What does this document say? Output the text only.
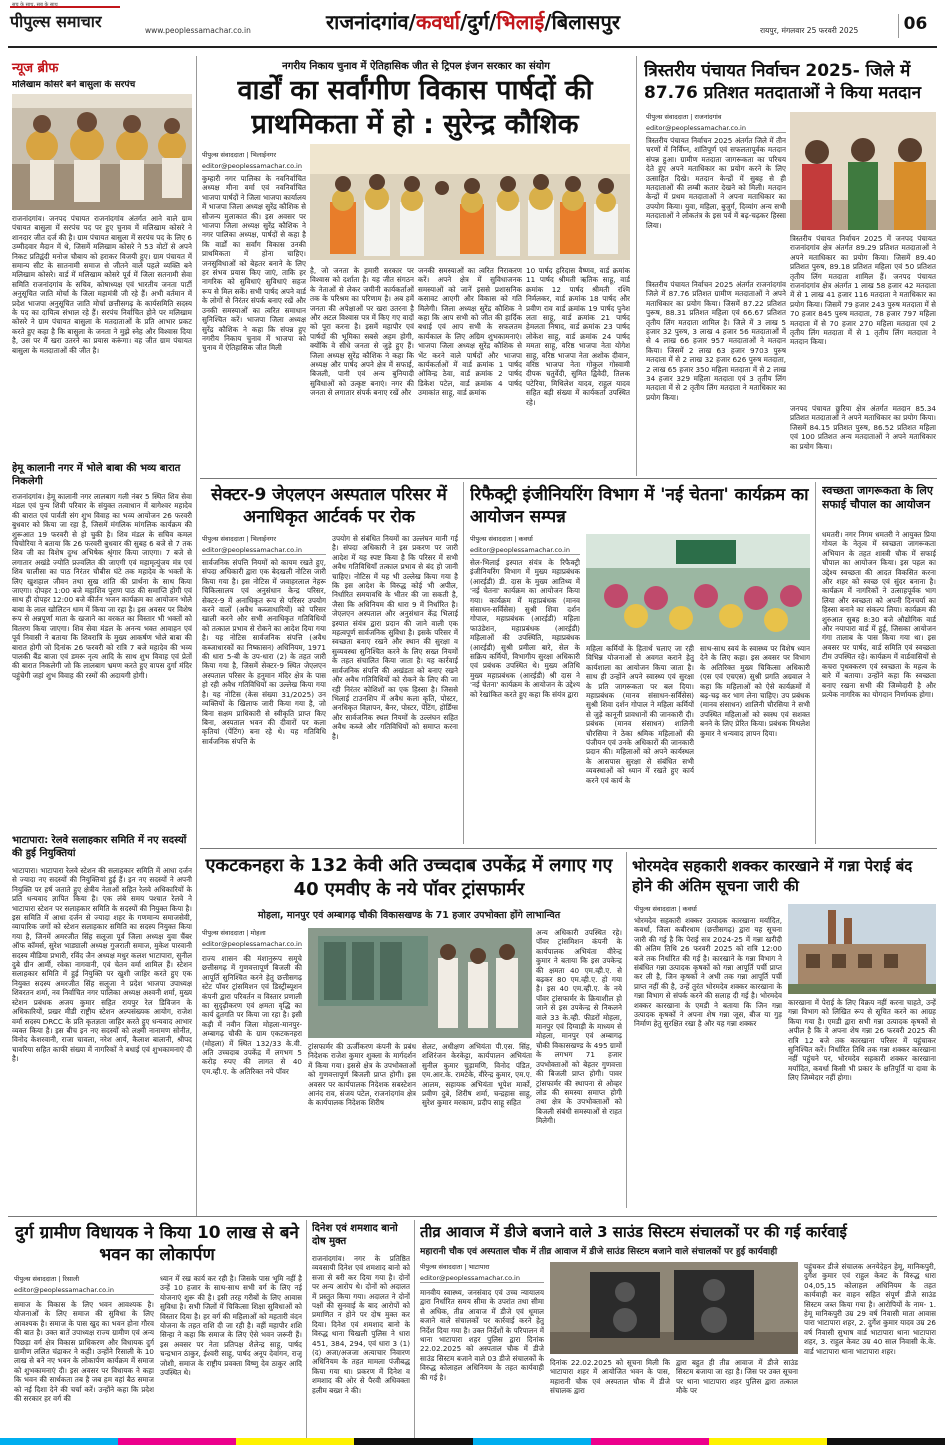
सच के साथ, सब के साथ
पीपुल्स समाचार	www.peoplessamachar.co.in	राजनांदगांव/कवर्धा/दुर्ग/भिलाई/बिलासपुर	रायपुर, मंगलवार 25 फरवरी 2025	06
न्यूज ब्रीफ
मलिखाम कोसरे बने बासुला के सरपंच
राजनांदगांव। जनपद पंचायत राजनांदगांव अंतर्गत आने वाले ग्राम पंचायत बासुला में सरपंच पद पर हुए चुनाव में मलिखाम कोसरे ने शानदार जीत दर्ज की है। ग्राम पंचायत बासुला में सरपंच पद के लिए 6 उम्मीदवार मैदान में थे, जिसमें मलिखाम कोसरे ने 53 वोटों से अपने निकट प्रतिद्वंदी मनोज चौबाय को हराकर विजयी हुए। ग्राम पंचायत में समान्य सीट के सातनामी समाज से जीतने वाले पहले व्यक्ति बने मलिखाम कोसरे। वार्ड में मलिखाम कोसरे पूर्व में जिला सतनामी सेवा समिति राजनांदगांव के सचिव, कोषाध्यक्ष एवं भारतीय जनता पार्टी अनुसूचित जाति मोर्चा के जिला महामंत्री जी रहे हैं। अभी वर्तमान में प्रदेश भाजपा अनुसूचित जाति मोर्चा छत्तीसगढ़ के कार्यसमिति सदस्य के पद का दायित्व संभाल रहे हैं। सरपंच निर्वाचित होने पर मलिखाम कोसरे ने ग्राम पंचायत बासुला के मतदाताओं के प्रति आभार प्रकट करते हुए कहा है कि बासुला के जनता ने मुझे स्नेह और विश्वास दिया है, उस पर मैं खरा उतरने का प्रयास करूंगा। वह जीत ग्राम पंचायत बासुला के मतदाताओं की जीत है।
हेमू कालानी नगर में भोले बाबा की भव्य बारात निकलेगी
राजनांदगांव। हेमू कालानी नगर लालबाग गली नंबर 5 स्थित शिव सेवा मंडल एवं पुन्य शिवी परिवार के संयुक्त तत्वाधान में बागेश्वर महादेव की बारात एवं पार्वती संग शुभ विवाह का भव्य आयोजन 26 फरवरी बुधवार को किया जा रहा है, जिसमें मंगलिक मांगलिक कार्यक्रम की शुरूआत 19 फरवरी से हो चुकी है। शिव मंडल के सचिव कमल चिचोरिया ने बताया कि 26 फरवरी बुधवार की सुबह 6 बजे से 7 तक शिव जी का विशेष दुग्ध अभिषेक श्रृंगार किया जाएगा। 7 बजे से लगातार अखंडे ज्योति प्रज्वलित की जाएगी एवं महामृत्युंजय मंत्र एवं शिव चालीसा का पाठ निरंतर चौबीस घंटे तक महादेव के भक्तों के लिए खुशहाल जीवन तथा सुख शांति की प्रार्थना के साथ किया जाएगा। दोपहर 1:00 बजे महाशिव पुराण पाठ की समाप्ति होगी एवं साथ ही दोपहर 12:00 बजे कीर्तन भजन कार्यक्रम का आयोजन भोले बाबा के लाल खोलिटन धाम में किया जा रहा है। इस अवसर पर विशेष रूप से अन्नपूर्णा माता के खजाने का वरकत का विस्तार भी भक्तों को वितरण किया जाएगा। शिव सेवा मंडल के अनन्य भक्त आवाहन एवं पूर्व निवासी ने बताया कि शिवरात्रि के मुख्य आकर्षण भोले बाबा की बारात होगी जो दिनांक 26 फरवरी को रात्रि 7 बजे महादेव की भव्य पालकी बैंड बाजा एवं डमरू नृत्य आदि के साथ शुभ विवाह एवं प्रेतों की बारात निकलेगी जो कि लालबाग भ्रमण करते हुए वापस दुर्गा मंदिर पहुंचेगी जहां शुभ विवाह की रस्मों की अदायगी होगी।
भाटापारा: रेलवे सलाहकार समिति में नए सदस्यों की हुई नियुक्तियां
भाटापारा। भाटापारा रेलवे स्टेशन की सलाहकार समिति में आधा दर्जन से ज्यादा नए सदस्यों की नियुक्तियां हुई हैं। इन नए सदस्यों ने अपनी नियुक्ति पर हर्ष जताते हुए क्षेत्रीय नेताओं सहित रेलवे अधिकारियों के प्रति धन्यवाद ज्ञापित किया है। एक लंबे समय पश्चात रेलवे ने भाटापारा स्टेशन पर सलाहकार समिति के सदस्यों की नियुक्त किया है। इस समिति में आधा दर्जन से ज्यादा शहर के गणमान्य समाजसेवी, व्यापारिक जगों को स्टेशन सलाहकार समिति का सदस्य नियुक्त किया गया है, जिनमें अमरजीत सिंह सलूजा पूर्व जिला अध्यक्ष युवा चैंबर ऑफ कॉमर्स, सुरेश भाड्याली अध्यक्ष गुजराती समाज, मुकेश पारवानी सदस्य मीडिया प्रभारी, रविंद जैन अध्यक्ष मधुर कलश भाटापारा, सुनील दुबे ग्रीन आर्मी, रवेका नागवानी, एवं चेतन वर्मा शामिल हैं। स्टेशन सलाहकार समिति में हुई नियुक्ति पर खुशी जाहिर करते हुए एक नियुक्त सदस्य अमरजीत सिंह सलूजा ने प्रदेश भाजपा उपाध्यक्ष शिवरतन शर्मा, नव निर्वाचित नगर पालिका अध्यक्ष अश्वनी शर्मा, मुख्य स्टेशन प्रबंधक अजय कुमार सहित रायपुर रेल डिविजन के अधिकारियों, प्रखर मीडी राष्ट्रीय स्टेशन अल्पसंख्यक आयोग, राजेश वर्मा सदस्य DRCC के प्रति कृतज्ञता जाहिर करते हुए धन्यवाद आभार व्यक्त किया है। इस बीच इन नए सदस्यों को लक्ष्मी नानामण सोनीत, विनोद केशरवानी, राजा चावला, नरेश आर्य, कैलाश बालानी, श्रीपद चावरिया सहित काफी संख्या में नागरिकों ने बधाई एवं शुभकामनाएं दी है।
नगरीय निकाय चुनाव में ऐतिहासिक जीत से ट्रिपल इंजन सरकार का संयोग
वार्डों का सर्वांगीण विकास पार्षदों की प्राथमिकता में हो : सुरेन्द्र कौशिक
पीपुल्स संवाददाता | भिलाईनगर
editor@peoplessamachar.co.in
कुम्हारी नगर पालिका के नवनिर्वाचित अध्यक्ष मीना वर्मा एवं नवनिर्वाचित भाजपा पार्षदों ने जिला भाजपा कार्यालय में भाजपा जिला अध्यक्ष सुरेंद्र कौशिक से सौजन्य मुलाकात की। इस अवसर पर भाजपा जिला अध्यक्ष सुरेंद्र कौशिक ने नगर पालिका अध्यक्ष, पार्षदों से कहा है कि वार्डों का सर्वांग विकास उनकी प्राथमिकता में होना चाहिए। जनसुविधाओं को बेहतर बनाने के लिए हर संभव प्रयास किए जाएं, ताकि हर नागरिक को सुविधाएं सुविधाएं सहज रूप से मिल सकें। सभी पार्षद अपने वार्ड के लोगों से निरंतर संपर्क बनाए रखें और उनकी समस्याओं का त्वरित समाधान सुनिश्चित करें। भाजपा जिला अध्यक्ष सुरेंद्र कौशिक ने कहा कि संपन्न हुए नगरीय निकाय चुनाव में भाजपा को चुनाव में ऐतिहासिक जीत मिली
है, जो जनता के हमारी सरकार पर विश्वास को दर्शाता है। यह जीत संगठन के नेताओं से लेकर जमीनी कार्यकर्ताओं तक के परिश्रम का परिणाम है। अब हमें जनता की अपेक्षाओं पर खरा उतरना है और अटल विश्वास पत्र में किए गए वादों को पूरा करना है। इसमें महापौर एवं पार्षदों की भूमिका सबसे अहम होगी, क्योंकि वे सीधे जनता से जुड़े हुए हैं। जिला अध्यक्ष सुरेंद्र कौशिक ने कहा कि अध्यक्ष और पार्षद अपने क्षेत्र में सफाई, बिजली, पानी एवं अन्य बुनियादी सुविधाओं को उत्कृष्ट बनाएं। नगर की जनता से लगातार संपर्क बनाए रखें और
जनकी समस्याओं का त्वरित निराकरण करें। अपने क्षेत्र में सुविधाजनक समस्याओं को जानें इससे प्रशासनिक कसावट आएगी और विकास को गति मिलेगी। जिला अध्यक्ष सुरेंद्र कौशिक ने कहा कि आप सभी को जीत की हार्दिक बधाई एवं आप सभी के सफलतम कार्यकाल के लिए अग्रिम शुभकामनाएं। भाजपा जिला अध्यक्ष सुरेंद्र कौशिक से भेंट करने वाले पार्षदों और भाजपा कार्यकर्ताओं में वार्ड क्रमांक 1 पार्षद ओविन्द्र ठेवा, वार्ड क्रमांक 2 पार्षद डिकेश पटेल, वार्ड क्रमांक 4 पार्षद उमाकांत साहू, वार्ड क्रमांक
10 पार्षद हरिदास वैष्णव, वार्ड क्रमांक 11 पार्षद श्रीमती ऋतिक साहू, वार्ड क्रमांक 12 पार्षद श्रीमती रश्मि निर्मलकर, वार्ड क्रमांक 18 पार्षद और प्रवीण राव वार्ड क्रमांक 19 पार्षद पुनेश लता साहू, वार्ड क्रमांक 21 पार्षद हेमलता निषाद, वार्ड क्रमांक 23 पार्षद लोकेश साहू, वार्ड क्रमांक 24 पार्षद ममता साहू, वरिष्ठ भाजपा नेता योगेश साहू, वरिष्ठ भाजपा नेता अशोक दीवान, वरिष्ठ भाजपा नेता गोकुल गोस्वामी दीपक चतुर्वेदी, सुमित द्विवेदी, तिलक पटेरिया, मिथिलेश यादव, राहुल यादव सहित बड़ी संख्या में कार्यकर्ता उपस्थित रहे।
त्रिस्तरीय पंचायत निर्वाचन 2025- जिले में 87.76 प्रतिशत मतदाताओं ने किया मतदान
पीपुल्स संवाददाता | राजनांदगांव
editor@peoplessamachar.co.in
त्रिस्तरीय पंचायत निर्वाचन 2025 अंतर्गत जिले में तीन चरणों में निर्विघ्न, शांतिपूर्ण एवं सफलतापूर्वक मतदान संपन्न हुआ। ग्रामीण मतदाता जागरूकता का परिचय देते हुए अपने मताधिकार का प्रयोग करने के लिए उत्साहित दिखे। मतदान केन्द्रों में सुबह से ही मतदाताओं की लम्बी कतार देखने को मिली। मतदान केन्द्रों में प्रथम मतदाताओं ने अपना मताधिकार का उपयोग किया। युवा, महिला, बुजुर्ग, दिव्यांग अन्य सभी मतदाताओं ने लोकतंत्र के इस पर्व में बढ़-चढ़कर हिस्सा लिया।
त्रिस्तरीय पंचायत निर्वाचन 2025 अंतर्गत राजनांदगांव जिले में 87.76 प्रतिशत ग्रामीण मतदाताओं ने अपने मताधिकार का प्रयोग किया। जिसमें 87.22 प्रतिशत पुरूष, 88.31 प्रतिशत महिला एवं 66.67 प्रतिशत तृतीय लिंग मतदाता शामिल है। जिले में 3 लाख 5 हजार 32 पुरुष, 3 लाख 4 हजार 56 मतदाताओं में से 4 लाख 66 हजार 957 मतदाताओं ने मतदान किया। जिसमें 2 लाख 63 हजार 9703 पुरुष मतदाता में से 2 लाख 32 हजार 626 पुरुष मतदाता, 2 लाख 65 हजार 350 महिला मतदाता में से 2 लाख 34 हजार 329 महिला मतदाता एवं 3 तृतीय लिंग मतदाता में से 2 तृतीय लिंग मतदाता ने मताधिकार का प्रयोग किया।
त्रिस्तरीय पंचायत निर्वाचन 2025 में जनपद पंचायत राजनांदगांव क्षेत्र अंतर्गत 89.29 प्रतिशत मतदाताओं ने अपने मताधिकार का प्रयोग किया। जिसमें 89.40 प्रतिशत पुरुष, 89.18 प्रतिशत महिला एवं 50 प्रतिशत तृतीय लिंग मतदाता शामिल हैं। जनपद पंचायत राजनांदगांव क्षेत्र अंतर्गत 1 लाख 58 हजार 42 मतदाता में से 1 लाख 41 हजार 116 मतदाता ने मताधिकार का प्रयोग किया। जिसमें 79 हजार 243 पुरुष मतदाता में से 70 हजार 845 पुरुष मतदाता, 78 हजार 797 महिला मतदाता में से 70 हजार 270 महिला मतदाता एवं 2 तृतीय लिंग मतदाता में से 1 तृतीय लिंग मतदाता ने मतदान किया।
जनपद पंचायत छुरिया क्षेत्र अंतर्गत मतदान 85.34 प्रतिशत मतदाताओं ने अपने मताधिकार का प्रयोग किया। जिसमें 84.15 प्रतिशत पुरुष, 86.52 प्रतिशत महिला एवं 100 प्रतिशत अन्य मतदाताओं ने अपने मताधिकार का प्रयोग किया।
सेक्टर-9 जेएलएन अस्पताल परिसर में अनाधिकृत आर्टवर्क पर रोक
पीपुल्स संवाददाता | भिलाईनगर
editor@peoplessamachar.co.in
सार्वजनिक संपत्ति नियमों को कायम रखते हुए, संपदा अधिकारी द्वारा एक बेदखली नोटिस जारी किया गया है। इस नोटिस में जवाहरलाल नेहरू चिकित्सालय एवं अनुसंधान केन्द्र परिसर, सेक्टर-9 में अनाधिकृत रूप से परिसर उपयोग करने वालों (अवैध कब्जाधारियों) को परिसर खाली करने और सभी अनाधिकृत गतिविधियों को तत्काल प्रभाव से रोकने का आदेश दिया गया है। यह नोटिस सार्वजनिक संपत्ति (अवैध कब्जाधारकों का निष्कासन) अधिनियम, 1971 की धारा 5-बी के उप-धारा (2) के तहत जारी किया गया है, जिसमें सेक्टर-9 स्थित जेएलएन अस्पताल परिसर के हनुमान मंदिर क्षेत्र के पास हो रही अवैध गतिविधियों का उल्लेख किया गया है। यह नोटिस (केस संख्या 31/2025) उन व्यक्तियों के खिलाफ जारी किया गया है, जो बिना सक्षम प्राधिकारी से स्वीकृति प्राप्त किए बिना, अस्पताल भवन की दीवारों पर कला कृतियां (पेंटिंग) बना रहे थे। यह गतिविधि सार्वजनिक संपत्ति के
उपयोग से संबंधित नियमों का उल्लंघन मानी गई है। संपदा अधिकारी ने इस प्रकरण पर जारी आदेश में यह स्पष्ट किया है कि परिसर में सभी अवैध गतिविधियाँ तत्काल प्रभाव से बंद हो जानी चाहिए। नोटिस में यह भी उल्लेख किया गया है कि इस आदेश के विरुद्ध कोई भी अपील, निर्धारित समयावधि के भीतर की जा सकती है, जैसा कि अधिनियम की धारा 9 में निर्धारित है। जेएलएन अस्पताल और अनुसंधान केंद्र भिलाई इस्पात संयंत्र द्वारा प्रदान की जाने वाली एक महत्वपूर्ण सार्वजनिक सुविधा है। इसके परिसर में स्वच्छता बनाए रखने और स्थान की सुरक्षा व सुव्यवस्था सुनिश्चित करने के लिए सख्त नियमों के तहत संचालित किया जाता है। यह कार्रवाई सार्वजनिक संपत्ति की अखंडता को बनाए रखने और अवैध गतिविधियों को रोकने के लिए की जा रही निरंतर कोशिशों का एक हिस्सा है। जिससे भिलाई टाउनशिप में अवैध कला कृति, पोस्टर, अनधिकृत विज्ञापन, बैनर, पोस्टर, पेंटिंग, होर्डिंग्स और सार्वजनिक स्थल नियमों के उल्लंघन सहित अवैध कब्जे और गतिविधियों को समाप्त करना है।
रिफैक्ट्री इंजीनियरिंग विभाग में 'नई चेतना' कार्यक्रम का आयोजन सम्पन्न
पीपुल्स संवाददाता | कवर्धा
editor@peoplessamachar.co.in
सेल-भिलाई इस्पात संयंत्र के रिफैक्ट्री इंजीनियरिंग विभाग में मुख्य महाप्रबंधक (आरईडी) डी. दास के मुख्य आतिथ्य में 'नई चेतना' कार्यक्रम का आयोजन किया गया। कार्यक्रम में महाप्रबंधक (मानव संसाधन-सर्विसेस) सुश्री शिवा दर्शन गोपाल, महाप्रबंधक (आरईडी) महिला फाउंडेशन, महाप्रबंधक (आरईडी) महिलाओं की उपस्थिति, महाप्रबंधक (आरईडी) सुश्री प्रमीला बारे, सेल के सक्रिय कर्मियों, विभागीय सुरक्षा अधिकारी एवं प्रबंधक उपस्थित थे। मुख्य अतिथि मुख्य महाप्रबंधक (आरईडी) श्री दास ने 'नई चेतना' कार्यक्रम के आयोजन के उद्देश्य को रेखांकित करते हुए कहा कि संयंत्र द्वारा
महिला कर्मियों के हितार्थ चलाए जा रही विभिन्न योजनाओं से अवगत कराने हेतु कार्यशाला का आयोजन किया जाता है। साथ ही उन्होंने अपने स्वास्थ्य एवं सुरक्षा के प्रति जागरूकता पर बल दिया। महाप्रबंधक (मानव संसाधन-सर्विसेस) सुश्री शिवा दर्शन गोपाल ने महिला कर्मियों से जुड़े कानूनी प्रावधानों की जानकारी दी। प्रबंधक (मानव संसाधन) शालिनी चौरसिया ने ठेका श्रमिक महिलाओं की पंजीयन एवं उनके अधिकारों की जानकारी प्रदान की। महिलाओं को अपने कार्यस्थल के आसपास सुरक्षा से संबंधित सभी व्यवस्थाओं को ध्यान में रखते हुए कार्य करने एवं कार्य के
साथ-साथ स्वयं के स्वास्थ्य पर विशेष ध्यान देने के लिए कहा। इस अवसर पर विभाग के अतिरिक्त मुख्य चिकित्सा अधिकारी (एस एवं एचएस) सुश्री प्रगति अग्रवाल ने कहा कि महिलाओं को ऐसे कार्यक्रमों में बढ़-चढ़ कर भाग लेना चाहिए। उप प्रबंधक (मानव संसाधन) शालिनी चौरसिया ने सभी उपस्थित महिलाओं को स्वस्थ एवं सशक्त बनने के लिए प्रेरित किया। प्रबंधक मिथलेश कुमार ने धन्यवाद ज्ञापन दिया।
स्वच्छता जागरूकता के लिए सफाई चौपाल का आयोजन
धमतरी। नगर निगम धमतरी ने आयुक्त प्रिया गोयल के नेतृत्व में स्वच्छता जागरूकता अभियान के तहत शास्त्री चौक में सफाई चौपाल का आयोजन किया। इस पहल का उद्देश्य स्वच्छता की आदत विकसित करना और शहर को स्वच्छ एवं सुंदर बनाना है। कार्यक्रम में नागरिकों ने उत्साहपूर्वक भाग लिया और स्वच्छता को अपनी दिनचर्या का हिस्सा बनाने का संकल्प लिया। कार्यक्रम की शुरुआत सुबह 8:30 बजे औद्योगिक वार्ड और नयापारा वार्ड में हुई, जिसका आयोजन गंगा तालाब के पास किया गया था। इस अवसर पर पार्षद, वार्ड समिति एवं स्वच्छता टीम उपस्थित रहे। कार्यक्रम में वार्डवासियों से कचरा पृथक्करण एवं स्वच्छता के महत्व के बारे में बताया। उन्होंने कहा कि स्वच्छता बनाए रखना सभी की जिम्मेदारी है और प्रत्येक नागरिक का योगदान निर्णायक होगा।
एकटकनहरा के 132 केवी अति उच्चदाब उपकेंद्र में लगाए गए 40 एमवीए के नये पॉवर ट्रांसफार्मर
मोहला, मानपुर एवं अम्बागढ़ चौकी विकासखण्ड के 71 हजार उपभोक्ता होंगे लाभान्वित
पीपुल्स संवाददाता | मोहला
editor@peoplessamachar.co.in
राज्य शासन की मंशानुरूप समूचे छत्तीसगढ़ में गुणवत्तापूर्ण बिजली की आपूर्ति सुनिश्चित करने हेतु छत्तीसगढ़ स्टेट पॉवर ट्रांसमिशन एवं डिस्ट्रीब्यूशन कंपनी द्वारा परिवर्तन व विस्तार प्रणाली का सुदृढ़ीकरण एवं क्षमता वृद्धि का कार्य द्रुतगति पर किया जा रहा है। इसी कड़ी में नवीन जिला मोहला-मानपुर-अम्बागढ़ चौकी के ग्राम एकटकनहरा (मोहला) में स्थित 132/33 के.वी. अति उच्चदाब उपकेंद्र में लगभग 5 करोड़ रुपए की लागत से 40 एम.व्ही.ए. के अतिरिक्त नये पॉवर
ट्रांसफार्मर की ऊर्जीकरण कंपनी के प्रबंध निदेशक राजेश कुमार शुक्ला के मार्गदर्शन में किया गया। इससे क्षेत्र के उपभोक्ताओं को गुणवत्तापूर्ण बिजली प्राप्त होगी। इस अवसर पर कार्यपालक निदेशक सबस्टेशन आनंद राव, संजय पटेल, राजनांदगांव क्षेत्र के कार्यपालक निदेशक शिरीष
सेलट, अधीक्षण अभियंता पी.एस. सिंह, शशिरंजन केरकेट्टा, कार्यपालन अभियंता सुनील कुमार चुड़ामणि, विनोद पंडित, एम.आर.के. रामटेके, वीरेन्द्र कुमार, एम.ए. आलम, सहायक अभियंता भूपेश मार्को, प्रवीण दुबे, शिरीष शर्मा, चन्द्रहास साहू, सुरेश कुमार मरकाम, प्रदीप साहू सहित
अन्य अधिकारी उपस्थित रहे। पॉवर ट्रांसमिशन कंपनी के कार्यपालक अभियंता वीरेन्द्र कुमार ने बताया कि इस उपकेन्द्र की क्षमता 40 एम.व्ही.ए. से बढ़कर 80 एम.व्ही.ए. हो गया है। इस 40 एम.व्ही.ए. के नये पॉवर ट्रांसफार्मर के क्रियाशील हो जाने से इस उपकेन्द्र से निकलने वाले 33 के.व्ही. फीडरों मोहला, मानपुर एवं दिग्वाड़ी के माध्यम से मोहला, मानपुर एवं अम्बागढ़ चौकी विकासखण्ड के 495 ग्रामों के लगभग 71 हजार उपभोक्ताओं को बेहतर गुणवत्ता की बिजली प्राप्त होगी। पावर ट्रांसफार्मर की स्थापना से ओव्हर लोड की समस्या समाप्त होगी तथा क्षेत्र के उपभोक्ताओं को बिजली संबंधी समस्याओं से राहत मिलेगी।
भोरमदेव सहकारी शक्कर कारखाने में गन्ना पेराई बंद होने की अंतिम सूचना जारी की
पीपुल्स संवाददाता | कवर्धा
भोरमदेव सहकारी शक्कर उत्पादक कारखाना मर्यादित, कवर्धा, जिला कबीरधाम (छत्तीसगढ़) द्वारा यह सूचना जारी की गई है कि पेराई सत्र 2024-25 में गन्ना खरीदी की अंतिम तिथि 26 फरवरी 2025 को रात्रि 12:00 बजे तक निर्धारित की गई है। कारखाने के गन्ना विभाग ने संबंधित गन्ना उत्पादक कृषकों को गन्ना आपूर्ति पर्ची प्राप्त कर ली है, जिन कृषकों ने अभी तक गन्ना आपूर्ति पर्ची प्राप्त नहीं की है, उन्हें तुरंत भोरमदेव शक्कर कारखाना के गन्ना विभाग से संपर्क करने की सलाह दी गई है। भोरमदेव शक्कर कारखाना के एमडी ने बताया कि जिन गन्ना उत्पादक कृषकों ने अपना शेष गन्ना जूस, बीज या गुड़ निर्माण हेतु सुरक्षित रखा है और यह गन्ना शक्कर
कारखाना में पेराई के लिए विक्रय नहीं करना चाहते, उन्हें गन्ना विभाग को लिखित रूप से सूचित करने का आग्रह किया गया है। एमडी द्वारा सभी गन्ना उत्पादक कृषकों से अपील है कि वे अपना शेष गन्ना 26 फरवरी 2025 की रात्रि 12 बजे तक कारखाना परिसर में पहुंचाकर सुनिश्चित करें। निर्धारित तिथि तक गन्ना शक्कर कारखाना नहीं पहुंचने पर, भोरमदेव सहकारी शक्कर कारखाना मर्यादित, कवर्धा किसी भी प्रकार के क्षतिपूर्ति या दावा के लिए जिम्मेदार नहीं होगा।
दुर्ग ग्रामीण विधायक ने किया 10 लाख से बने भवन का लोकार्पण
पीपुल्स संवाददाता | रिसाली
editor@peoplessamachar.co.in
समाज के विकास के लिए भवन आवश्यक है। योजनाओं के लिए समाज की सुविधा के लिए आवश्यक है। समाज के पास खुद का भवन होना गौरव की बात है। उक्त बातें उपाध्यक्ष राज्य ग्रामीण एवं अन्य पिछड़ा वर्ग क्षेत्र विकास प्राधिकरण और विधायक दुर्ग ग्रामीण ललित चंद्राकर ने कही। उन्होंने रिसाली के 10 लाख से बने नए भवन के लोकार्पण कार्यक्रम में समाज को शुभकामनाएं दी। इस अवसर पर विधायक ने कहा कि भवन की सार्थकता तब है जब हम वहां बैठ समाज को नई दिशा देने की चर्चा करें। उन्होंने कहा कि प्रदेश की सरकार हर वर्ग की
ध्यान में रख कार्य कर रही है। जिसके पास भूमि नहीं है उन्हें 10 हजार के साथ-साथ सभी वर्ग के लिए नई योजनाएं शुरू की है। इसी तरह गरीबों के लिए आवास सुविधा है। सभी जिलों में चिकित्सा शिक्षा सुविधाओं को विस्तार दिया है। हर वर्ग की महिलाओं को महतारी वंदन योजना के तहत राशि दी जा रही है। वहीं महापौर शशि सिन्हा ने कहा कि समाज के लिए ऐसे भवन जरूरी हैं। इस अवसर पर नेता प्रतिपक्ष शैलेन्द्र साहू, पार्षद चन्द्रभान ठाकुर, ईश्वरी साहू, पार्षद अनूप देवांगन, राजू जोशी, समाज के राष्ट्रीय प्रवक्ता विष्णु देव ठाकुर आदि उपस्थित थे।
दिनेश एवं शमशाद बानो दोष मुक्त
राजनांदगांव। नगर के प्रतिष्ठित व्यवसायी दिनेश एवं शमशाद बानो को सजा से बरी कर दिया गया है। दोनों पर अन्य आरोप थे। दोनों को अदालत में प्रस्तुत किया गया। अदालत ने दोनों पक्षों की सुनवाई के बाद आरोपों को प्रमाणित न होने पर दोष मुक्त कर दिया। दिनेश एवं शमशाद बानो के विरुद्ध थाना चिखली पुलिस ने धारा 451, 384, 294, एवं धारा 3 (1) (द) अजा/अजजा अत्याचार निवारण अधिनियम के तहत मामला पंजीबद्ध किया गया था। प्रकरण में दिनेश व शमशाद की ओर से पैरवी अधिवक्ता हलीम बख्श ने की।
तीव्र आवाज में डीजे बजाने वाले 3 साउंड सिस्टम संचालकों पर की गई कार्रवाई
महारानी चौक एवं अस्पताल चौक में तीव्र आवाज में डीजे साउंड सिस्टम बजाने वाले संचालकों पर हुई कार्यवाही
पीपुल्स संवाददाता | भाटापारा
editor@peoplessamachar.co.in
मानवीय स्वास्थ्य, जनसंवाद एवं उच्च न्यायालय द्वारा निर्धारित समय सीमा के उपरांत तथा सीमा से अधिक, तीव्र आवाज में डीजे एवं धूमाल बजाने वाले संचालकों पर कार्रवाई करने हेतु निर्देश दिया गया है। उक्त निर्देशों के परिपालन में थाना भाटापारा शहर पुलिस द्वारा दिनांक 22.02.2025 को अस्पताल चौक में डीजे साउंड सिस्टम बजाने वाले 03 डीजे संचालकों के विरुद्ध कोलाहल अधिनियम के तहत कार्यवाही की गई है।
दिनांक 22.02.2025 को सूचना मिली कि भाटापारा शहर में आयोजित भवन के पास, महारानी चौक एवं अस्पताल चौक में डीजे संचालक द्वारा
द्वारा बहुत ही तीव्र आवाज में डीजे साउंड सिस्टम बजाया जा रहा है। जिस पर उक्त सूचना पर थाना भाटापारा शहर पुलिस द्वारा तत्काल मौके पर
पहुंचकर डीजे संचालक अनयेदेहन हेमू, मानिकपुरी, दुर्गेश कुमार एवं राहुल केवट के विरुद्ध धारा 04,05,15 कोलाहल अधिनियम के तहत कार्यवाही कर वाहन सहित संपूर्ण डीजे साउंड सिस्टम जब्त किया गया है। आरोपियों के नाम- 1. हेमू मानिकपुरी उम्र 29 वर्ष निवासी माता आवास पारा भाटापारा शहर, 2. दुर्गेश कुमार यादव उम्र 26 वर्ष निवासी सुभाष वार्ड भाटापारा थाना भाटापारा शहर, 3. राहुल केवट उम्र 40 साल निवासी के.के. वार्ड भाटापारा थाना भाटापारा शहर।
